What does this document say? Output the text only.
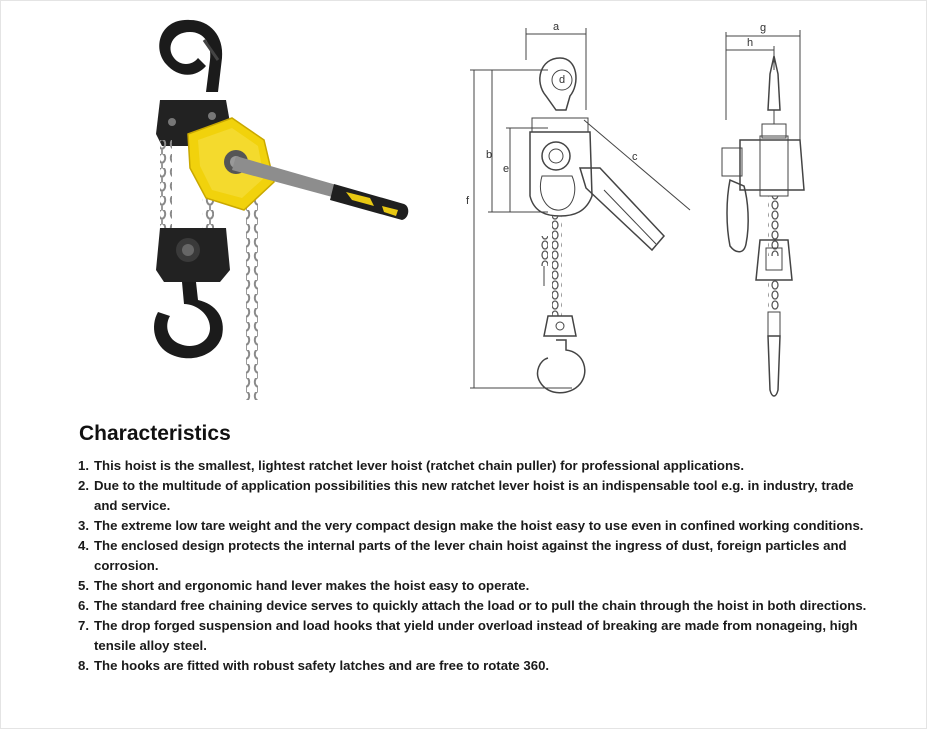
a
b	c
d
e
f
g
h
Characteristics
1. This hoist is the smallest, lightest ratchet lever hoist (ratchet chain puller) for professional applications.
2. Due to the multitude of application possibilities this new ratchet lever hoist is an indispensable tool e.g. in industry, trade and service.
3. The extreme low tare weight and the very compact design make the hoist easy to use even in confined working conditions.
4. The enclosed design protects the internal parts of the lever chain hoist against the ingress of dust, foreign particles and corrosion.
5. The short and ergonomic hand lever makes the hoist easy to operate.
6. The standard free chaining device serves to quickly attach the load or to pull the chain through the hoist in both directions.
7. The drop forged suspension and load hooks that yield under overload instead of breaking are made from nonageing, high tensile alloy steel.
8. The hooks are fitted with robust safety latches and are free to rotate 360.
